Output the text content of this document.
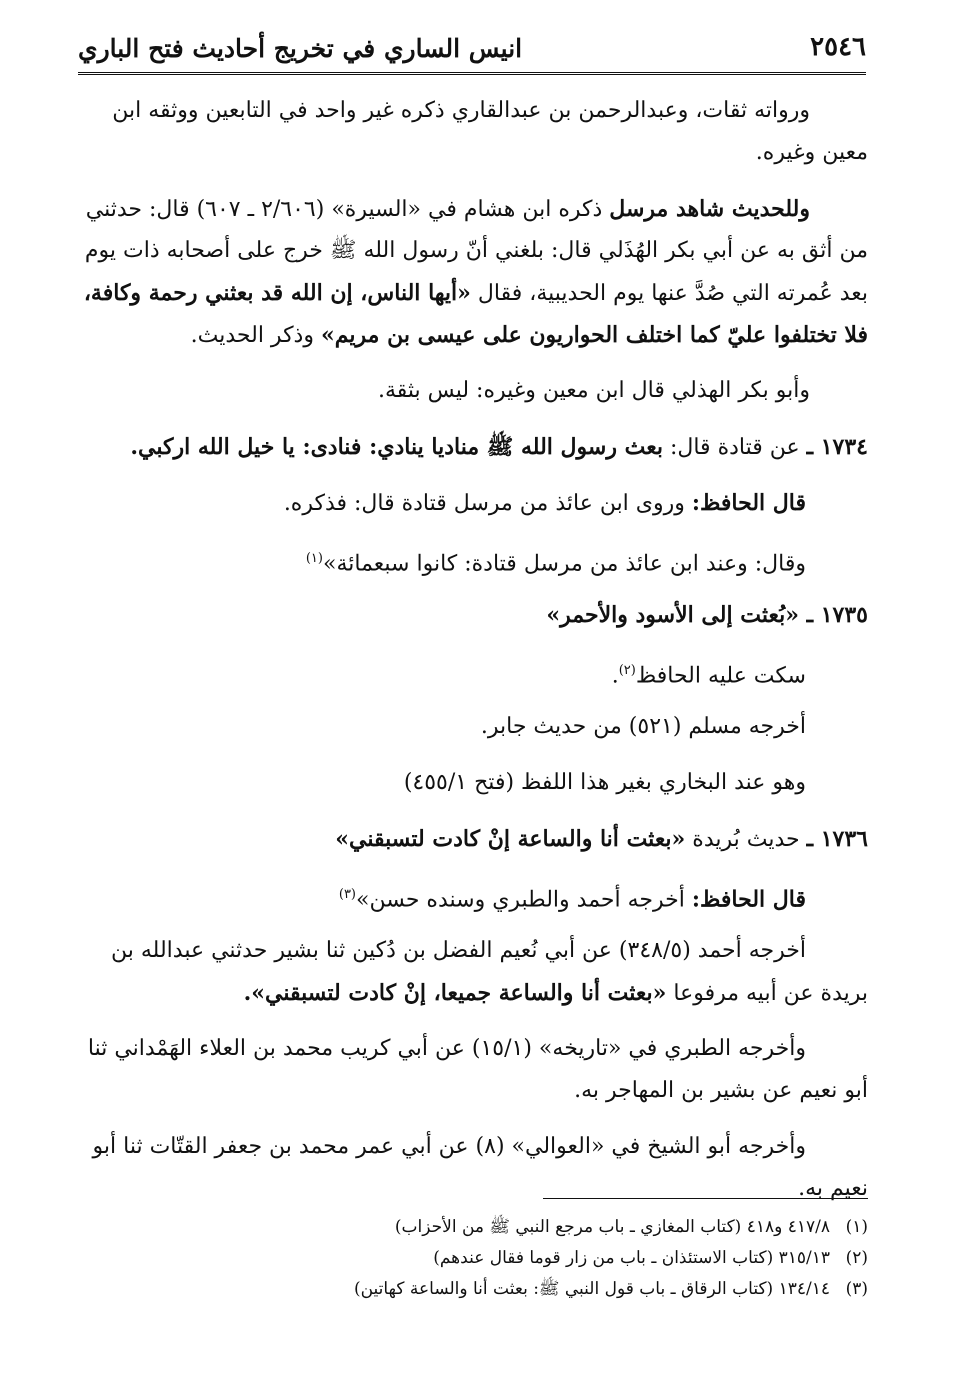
٢٥٤٦
انيس الساري في تخريج أحاديث فتح الباري
ورواته ثقات، وعبدالرحمن بن عبدالقاري ذكره غير واحد في التابعين ووثقه ابن
معين وغيره.
وللحديث شاهد مرسل ذكره ابن هشام في «السيرة» (٢/٦٠٦ ـ ٦٠٧) قال: حدثني
من أثق به عن أبي بكر الهُذَلي قال: بلغني أنّ رسول الله ﷺ خرج على أصحابه ذات يوم
بعد عُمرته التي صُدَّ عنها يوم الحديبية، فقال «أيها الناس، إن الله قد بعثني رحمة وكافة،
فلا تختلفوا عليّ كما اختلف الحواريون على عيسى بن مريم» وذكر الحديث.
وأبو بكر الهذلي قال ابن معين وغيره: ليس بثقة.
١٧٣٤ ـ عن قتادة قال: بعث رسول الله ﷺ مناديا ينادي: فنادى: يا خيل الله اركبي.
قال الحافظ: وروى ابن عائذ من مرسل قتادة قال: فذكره.
وقال: وعند ابن عائذ من مرسل قتادة: كانوا سبعمائة»$^{(١)}$
١٧٣٥ ـ «بُعثت إلى الأسود والأحمر»
سكت عليه الحافظ$^{(٢)}$.
أخرجه مسلم (٥٢١) من حديث جابر.
وهو عند البخاري بغير هذا اللفظ (فتح ٤٥٥/١)
١٧٣٦ ـ حديث بُريدة «بعثت أنا والساعة إنْ كادت لتسبقني»
قال الحافظ: أخرجه أحمد والطبري وسنده حسن»$^{(٣)}$
أخرجه أحمد (٣٤٨/٥) عن أبي نُعيم الفضل بن دُكين ثنا بشير حدثني عبدالله بن
بريدة عن أبيه مرفوعا «بعثت أنا والساعة جميعا، إنْ كادت لتسبقني».
وأخرجه الطبري في «تاريخه» (١٥/١) عن أبي كريب محمد بن العلاء الهَمْداني ثنا
أبو نعيم عن بشير بن المهاجر به.
وأخرجه أبو الشيخ في «العوالي» (٨) عن أبي عمر محمد بن جعفر القتّات ثنا أبو
نعيم به.
(١)٤١٧/٨ و٤١٨ (كتاب المغازي ـ باب مرجع النبي ﷺ من الأحزاب)
(٢)٣١٥/١٣ (كتاب الاستئذان ـ باب من زار قوما فقال عندهم)
(٣)١٣٤/١٤ (كتاب الرقاق ـ باب قول النبي ﷺ: بعثت أنا والساعة كهاتين)
